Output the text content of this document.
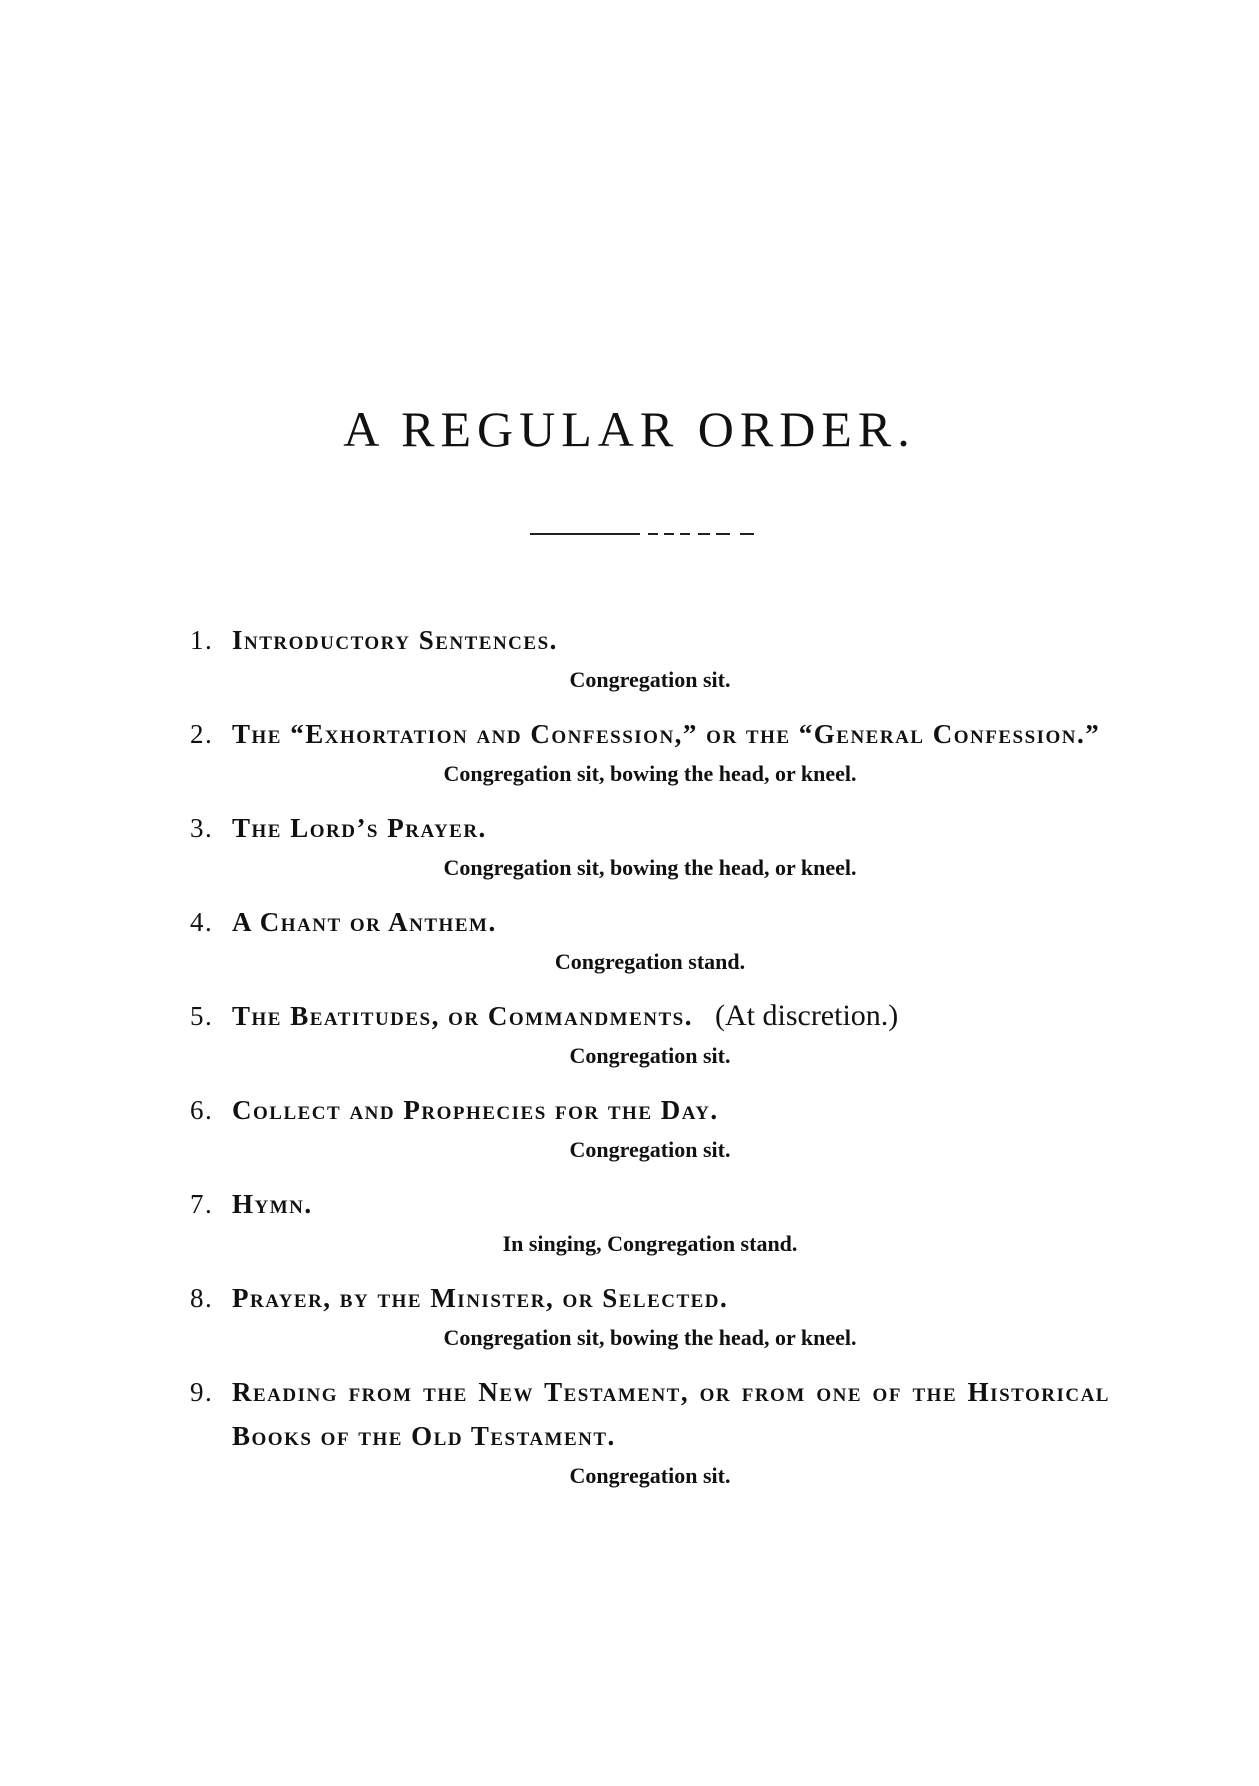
A REGULAR ORDER.
1. Introductory Sentences.
Congregation sit.
2. The “Exhortation and Confession,” or the “General Confession.”
Congregation sit, bowing the head, or kneel.
3. The Lord’s Prayer.
Congregation sit, bowing the head, or kneel.
4. A Chant or Anthem.
Congregation stand.
5. The Beatitudes, or Commandments. (At discretion.)
Congregation sit.
6. Collect and Prophecies for the Day.
Congregation sit.
7. Hymn.
In singing, Congregation stand.
8. Prayer, by the Minister, or Selected.
Congregation sit, bowing the head, or kneel.
9. Reading from the New Testament, or from one of the Historical Books of the Old Testament.
Congregation sit.
